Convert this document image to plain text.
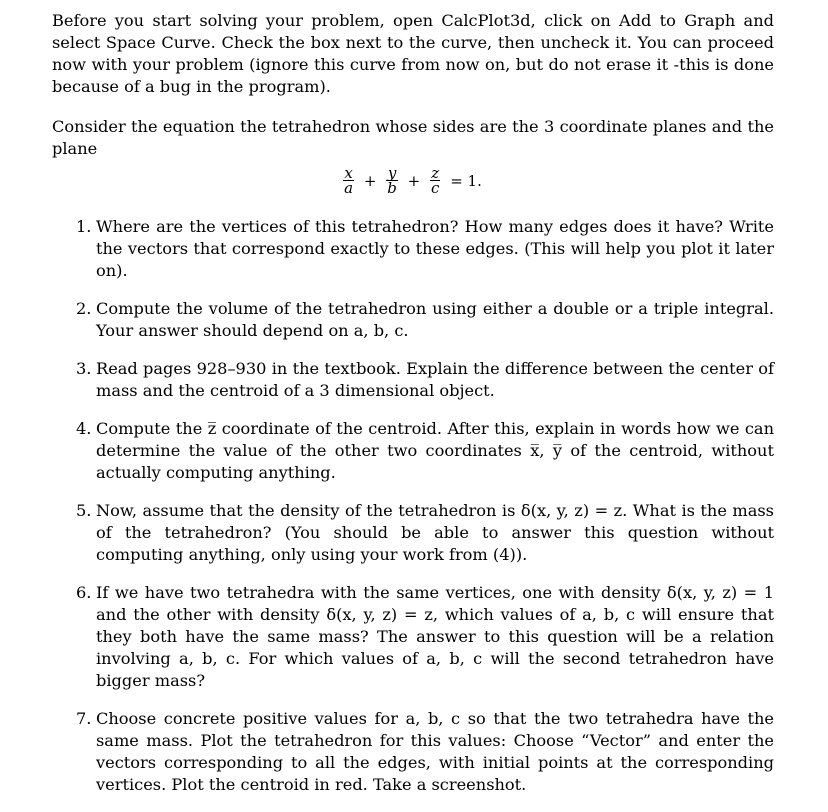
Before you start solving your problem, open CalcPlot3d, click on Add to Graph and select Space Curve. Check the box next to the curve, then uncheck it. You can proceed now with your problem (ignore this curve from now on, but do not erase it -this is done because of a bug in the program).

Consider the equation the tetrahedron whose sides are the 3 coordinate planes and the plane

$\frac{x}{a} + \frac{y}{b} + \frac{z}{c} = 1$.
1. Where are the vertices of this tetrahedron? How many edges does it have? Write the vectors that correspond exactly to these edges. (This will help you plot it later on).
2. Compute the volume of the tetrahedron using either a double or a triple integral. Your answer should depend on a, b, c.
3. Read pages 928–930 in the textbook. Explain the difference between the center of mass and the centroid of a 3 dimensional object.
4. Compute the z̅ coordinate of the centroid. After this, explain in words how we can determine the value of the other two coordinates x̅, y̅ of the centroid, without actually computing anything.
5. Now, assume that the density of the tetrahedron is δ(x, y, z) = z. What is the mass of the tetrahedron? (You should be able to answer this question without computing anything, only using your work from (4)).
6. If we have two tetrahedra with the same vertices, one with density δ(x, y, z) = 1 and the other with density δ(x, y, z) = z, which values of a, b, c will ensure that they both have the same mass? The answer to this question will be a relation involving a, b, c. For which values of a, b, c will the second tetrahedron have bigger mass?
7. Choose concrete positive values for a, b, c so that the two tetrahedra have the same mass. Plot the tetrahedron for this values: Choose “Vector” and enter the vectors corresponding to all the edges, with initial points at the corresponding vertices. Plot the centroid in red. Take a screenshot.
